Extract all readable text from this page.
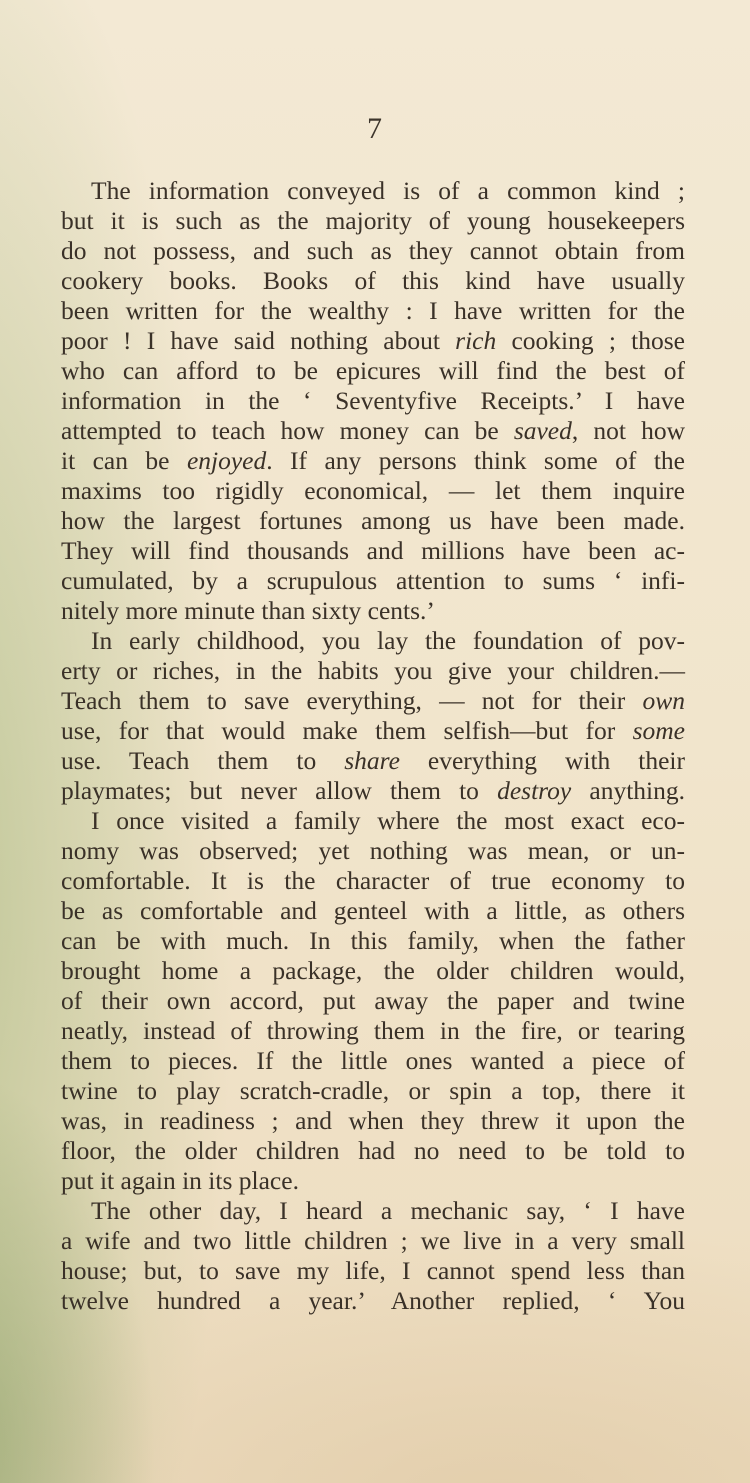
7
The information conveyed is of a common kind ;
but it is such as the majority of young housekeepers
do not possess, and such as they cannot obtain from
cookery books. Books of this kind have usually
been written for the wealthy : I have written for the
poor ! I have said nothing about rich cooking ; those
who can afford to be epicures will find the best of
information in the ‘ Seventyfive Receipts.’ I have
attempted to teach how money can be saved, not how
it can be enjoyed. If any persons think some of the
maxims too rigidly economical, — let them inquire
how the largest fortunes among us have been made.
They will find thousands and millions have been ac-
cumulated, by a scrupulous attention to sums ‘ infi-
nitely more minute than sixty cents.’
In early childhood, you lay the foundation of pov-
erty or riches, in the habits you give your children.—
Teach them to save everything, — not for their own
use, for that would make them selfish—but for some
use. Teach them to share everything with their
playmates; but never allow them to destroy anything.
I once visited a family where the most exact eco-
nomy was observed; yet nothing was mean, or un-
comfortable. It is the character of true economy to
be as comfortable and genteel with a little, as others
can be with much. In this family, when the father
brought home a package, the older children would,
of their own accord, put away the paper and twine
neatly, instead of throwing them in the fire, or tearing
them to pieces. If the little ones wanted a piece of
twine to play scratch-cradle, or spin a top, there it
was, in readiness ; and when they threw it upon the
floor, the older children had no need to be told to
put it again in its place.
The other day, I heard a mechanic say, ‘ I have
a wife and two little children ; we live in a very small
house; but, to save my life, I cannot spend less than
twelve hundred a year.’ Another replied, ‘ You
